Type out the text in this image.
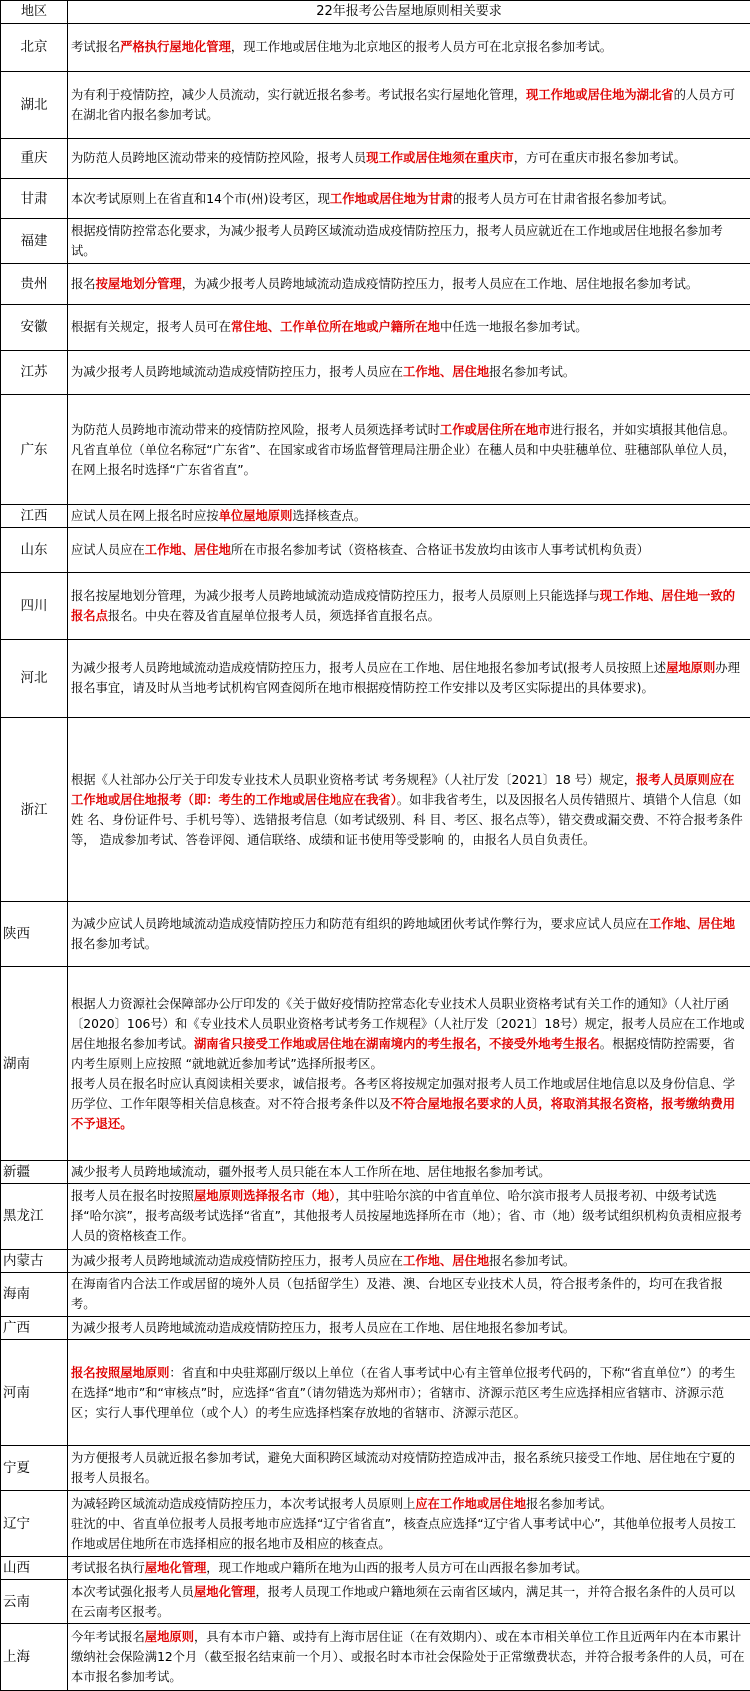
地区	22年报考公告屋地原则相关要求
北京	考试报名严格执行屋地化管理，现工作地或居住地为北京地区的报考人员方可在北京报名参加考试。
湖北	为有利于疫情防控，减少人员流动，实行就近报名参考。考试报名实行屋地化管理，现工作地或居住地为湖北省的人员方可在湖北省内报名参加考试。
重庆	为防范人员跨地区流动带来的疫情防控风险，报考人员现工作或居住地须在重庆市，方可在重庆市报名参加考试。
甘肃	本次考试原则上在省直和14个市(州)设考区，现工作地或居住地为甘肃的报考人员方可在甘肃省报名参加考试。
福建	根据疫情防控常态化要求，为减少报考人员跨区域流动造成疫情防控压力，报考人员应就近在工作地或居住地报名参加考试。
贵州	报名按屋地划分管理，为减少报考人员跨地域流动造成疫情防控压力，报考人员应在工作地、居住地报名参加考试。
安徽	根据有关规定，报考人员可在常住地、工作单位所在地或户籍所在地中任选一地报名参加考试。
江苏	为减少报考人员跨地域流动造成疫情防控压力，报考人员应在工作地、居住地报名参加考试。
广东	为防范人员跨地市流动带来的疫情防控风险，报考人员须选择考试时工作或居住所在地市进行报名，并如实填报其他信息。凡省直单位（单位名称冠“广东省”、在国家或省市场监督管理局注册企业）在穗人员和中央驻穗单位、驻穗部队单位人员，在网上报名时选择“广东省省直”。
江西	应试人员在网上报名时应按单位屋地原则选择核查点。
山东	应试人员应在工作地、居住地所在市报名参加考试（资格核查、合格证书发放均由该市人事考试机构负责）
四川	报名按屋地划分管理，为减少报考人员跨地域流动造成疫情防控压力，报考人员原则上只能选择与现工作地、居住地一致的报名点报名。中央在蓉及省直屋单位报考人员，须选择省直报名点。
河北	为减少报考人员跨地域流动造成疫情防控压力，报考人员应在工作地、居住地报名参加考试(报考人员按照上述屋地原则办理报名事宜，请及时从当地考试机构官网查阅所在地市根据疫情防控工作安排以及考区实际提出的具体要求)。
浙江	根据《人社部办公厅关于印发专业技术人员职业资格考试 考务规程》（人社厅发〔2021〕18 号）规定，报考人员原则应在 工作地或居住地报考（即：考生的工作地或居住地应在我省）。如非我省考生，以及因报名人员传错照片、填错个人信息（如姓 名、身份证件号、手机号等）、选错报考信息（如考试级别、科 目、考区、报名点等），错交费或漏交费、不符合报考条件等， 造成参加考试、答卷评阅、通信联络、成绩和证书使用等受影响 的，由报名人员自负责任。
陕西	为减少应试人员跨地域流动造成疫情防控压力和防范有组织的跨地域团伙考试作弊行为，要求应试人员应在工作地、居住地报名参加考试。
湖南	根据人力资源社会保障部办公厅印发的《关于做好疫情防控常态化专业技术人员职业资格考试有关工作的通知》（人社厅函〔2020〕106号）和《专业技术人员职业资格考试考务工作规程》（人社厅发〔2021〕18号）规定，报考人员应在工作地或居住地报名参加考试。湖南省只接受工作地或居住地在湖南境内的考生报名，不接受外地考生报名。根据疫情防控需要，省内考生原则上应按照 “就地就近参加考试”选择所报考区。
报考人员在报名时应认真阅读相关要求，诚信报考。各考区将按规定加强对报考人员工作地或居住地信息以及身份信息、学历学位、工作年限等相关信息核查。对不符合报考条件以及不符合屋地报名要求的人员，将取消其报名资格，报考缴纳费用不予退还。
新疆	减少报考人员跨地域流动，疆外报考人员只能在本人工作所在地、居住地报名参加考试。
黑龙江	报考人员在报名时按照屋地原则选择报名市（地），其中驻哈尔滨的中省直单位、哈尔滨市报考人员报考初、中级考试选择“哈尔滨”，报考高级考试选择“省直”，其他报考人员按屋地选择所在市（地）；省、市（地）级考试组织机构负责相应报考人员的资格核查工作。
内蒙古	为减少报考人员跨地域流动造成疫情防控压力，报考人员应在工作地、居住地报名参加考试。
海南	在海南省内合法工作或居留的境外人员（包括留学生）及港、澳、台地区专业技术人员，符合报考条件的，均可在我省报考。
广西	为减少报考人员跨地域流动造成疫情防控压力，报考人员应在工作地、居住地报名参加考试。
河南	报名按照屋地原则：省直和中央驻郑副厅级以上单位（在省人事考试中心有主管单位报考代码的，下称“省直单位”）的考生在选择“地市”和“审核点”时，应选择“省直”（请勿错选为郑州市）；省辖市、济源示范区考生应选择相应省辖市、济源示范区；实行人事代理单位（或个人）的考生应选择档案存放地的省辖市、济源示范区。
宁夏	为方便报考人员就近报名参加考试，避免大面积跨区域流动对疫情防控造成冲击，报名系统只接受工作地、居住地在宁夏的报考人员报名。
辽宁	为减轻跨区域流动造成疫情防控压力，本次考试报考人员原则上应在工作地或居住地报名参加考试。
驻沈的中、省直单位报考人员报考地市应选择“辽宁省省直”，核查点应选择“辽宁省人事考试中心”，其他单位报考人员按工作地或居住地所在市选择相应的报名地市及相应的核查点。
山西	考试报名执行屋地化管理，现工作地或户籍所在地为山西的报考人员方可在山西报名参加考试。
云南	本次考试强化报考人员屋地化管理，报考人员现工作地或户籍地须在云南省区域内，满足其一，并符合报名条件的人员可以在云南考区报考。
上海	今年考试报名屋地原则，具有本市户籍、或持有上海市居住证（在有效期内）、或在本市相关单位工作且近两年内在本市累计缴纳社会保险满12个月（截至报名结束前一个月）、或报名时本市社会保险处于正常缴费状态，并符合报考条件的人员，可在本市报名参加考试。
